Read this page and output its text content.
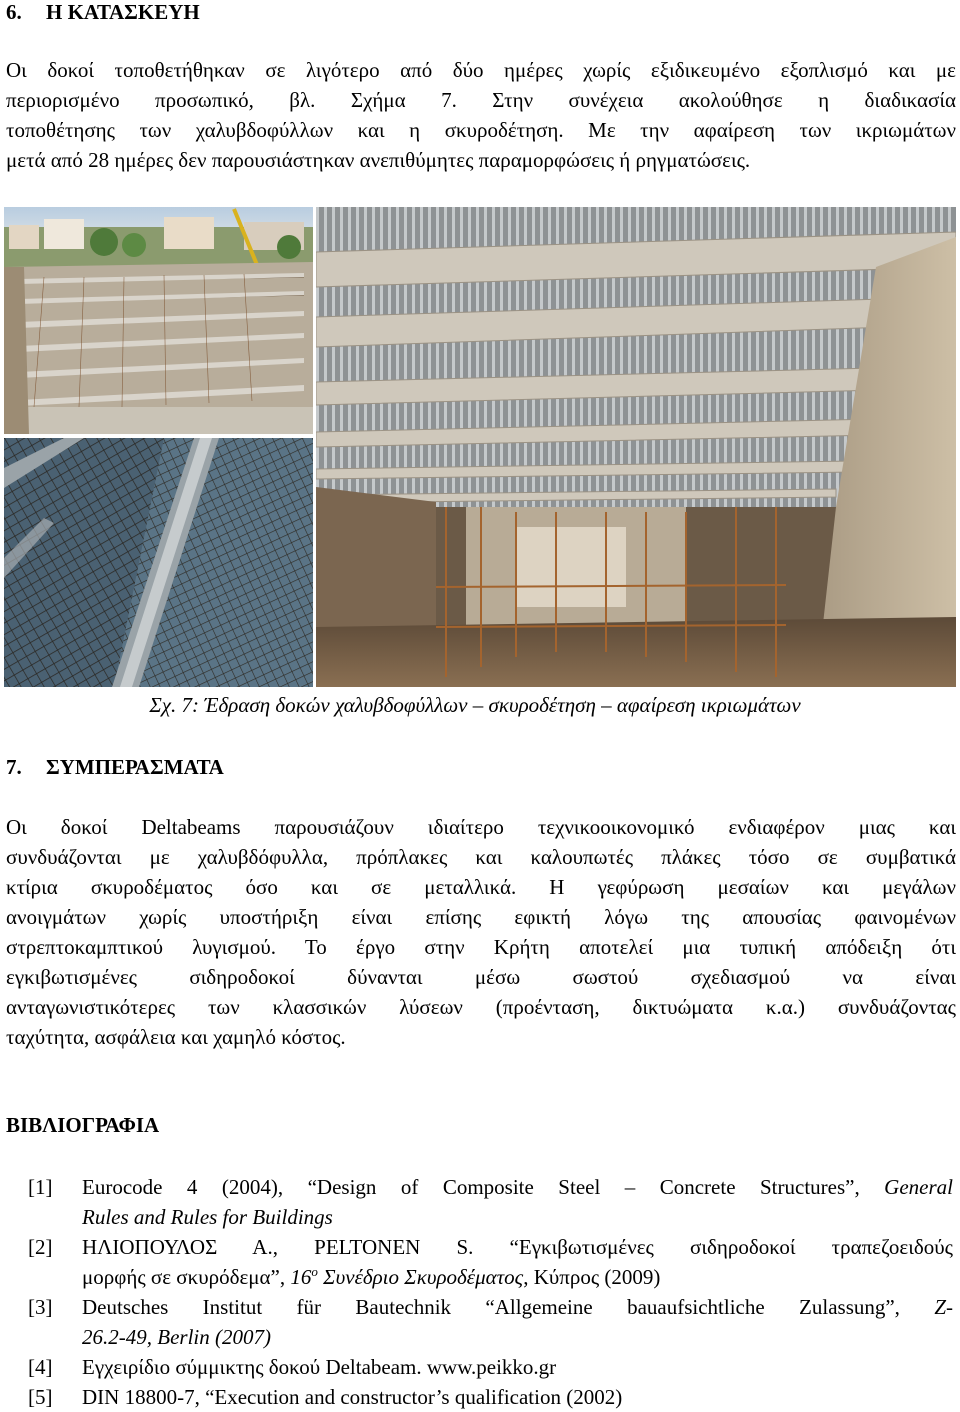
6. Η ΚΑΤΑΣΚΕΥΗ
Οι δοκοί τοποθετήθηκαν σε λιγότερο από δύο ημέρες χωρίς εξιδικευμένο εξοπλισμό και με
περιορισμένο προσωπικό, βλ. Σχήμα 7. Στην συνέχεια ακολούθησε η διαδικασία
τοποθέτησης των χαλυβδοφύλλων και η σκυροδέτηση. Με την αφαίρεση των ικριωμάτων
μετά από 28 ημέρες δεν παρουσιάστηκαν ανεπιθύμητες παραμορφώσεις ή ρηγματώσεις.
Σχ. 7: Έδραση δοκών χαλυβδοφύλλων – σκυροδέτηση – αφαίρεση ικριωμάτων
7. ΣΥΜΠΕΡΑΣΜΑΤΑ
Οι δοκοί Deltabeams παρουσιάζουν ιδιαίτερο τεχνικοοικονομικό ενδιαφέρον μιας και
συνδυάζονται με χαλυβδόφυλλα, πρόπλακες και καλουπωτές πλάκες τόσο σε συμβατικά
κτίρια σκυροδέματος όσο και σε μεταλλικά. Η γεφύρωση μεσαίων και μεγάλων
ανοιγμάτων χωρίς υποστήριξη είναι επίσης εφικτή λόγω της απουσίας φαινομένων
στρεπτοκαμπτικού λυγισμού. Το έργο στην Κρήτη αποτελεί μια τυπική απόδειξη ότι
εγκιβωτισμένες σιδηροδοκοί δύνανται μέσω σωστού σχεδιασμού να είναι
ανταγωνιστικότερες των κλασσικών λύσεων (προένταση, δικτυώματα κ.α.) συνδυάζοντας
ταχύτητα, ασφάλεια και χαμηλό κόστος.
ΒΙΒΛΙΟΓΡΑΦΙΑ
[1] Eurocode 4 (2004), “Design of Composite Steel – Concrete Structures”, General
Rules and Rules for Buildings
[2] ΗΛΙΟΠΟΥΛΟΣ Α., PELTONEN S. “Εγκιβωτισμένες σιδηροδοκοί τραπεζοειδούς
μορφής σε σκυρόδεμα”, $16^o$ Συνέδριο Σκυροδέματος, Κύπρος (2009)
[3] Deutsches Institut für Bautechnik “Allgemeine bauaufsichtliche Zulassung”, Z-
26.2-49, Berlin (2007)
[4] Εγχειρίδιο σύμμικτης δοκού Deltabeam. www.peikko.gr
[5] DIN 18800-7, “Execution and constructor’s qualification (2002)
